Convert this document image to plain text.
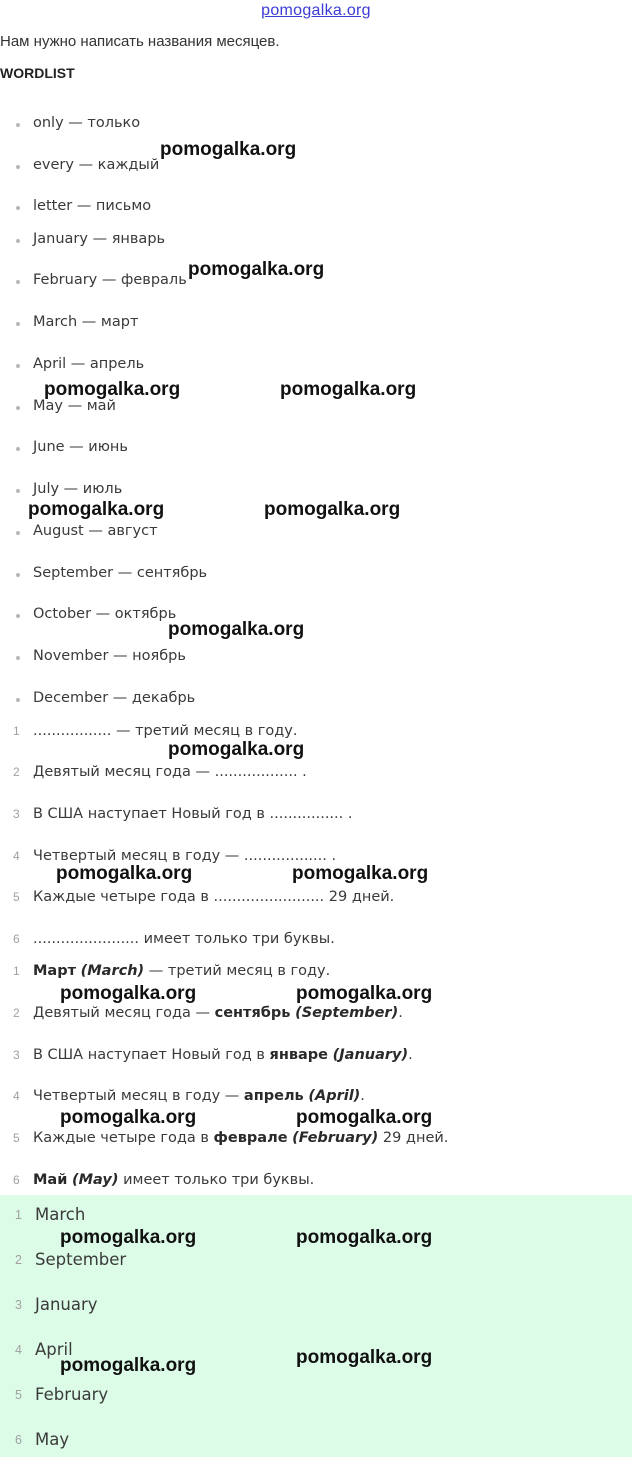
pomogalka.org
Нам нужно написать названия месяцев.
WORDLIST
only — только
every — каждый
letter — письмо
January — январь
February — февраль
March — март
April — апрель
May — май
June — июнь
July — июль
August — август
September — сентябрь
October — октябрь
November — ноябрь
December — декабрь
1 ................. — третий месяц в году.
2 Девятый месяц года — .................. .
3 В США наступает Новый год в ................ .
4 Четвертый месяц в году — .................. .
5 Каждые четыре года в ........................ 29 дней.
6 ....................... имеет только три буквы.
1 Март (March) — третий месяц в году.
2 Девятый месяц года — сентябрь (September).
3 В США наступает Новый год в январе (January).
4 Четвертый месяц в году — апрель (April).
5 Каждые четыре года в феврале (February) 29 дней.
6 Май (May) имеет только три буквы.
1 March
2 September
3 January
4 April
5 February
6 May
pomogalka.org
pomogalka.org
pomogalka.org	pomogalka.org
pomogalka.org	pomogalka.org
pomogalka.org
pomogalka.org
pomogalka.org	pomogalka.org
pomogalka.org	pomogalka.org
pomogalka.org	pomogalka.org
pomogalka.org	pomogalka.org
pomogalka.org	pomogalka.org
